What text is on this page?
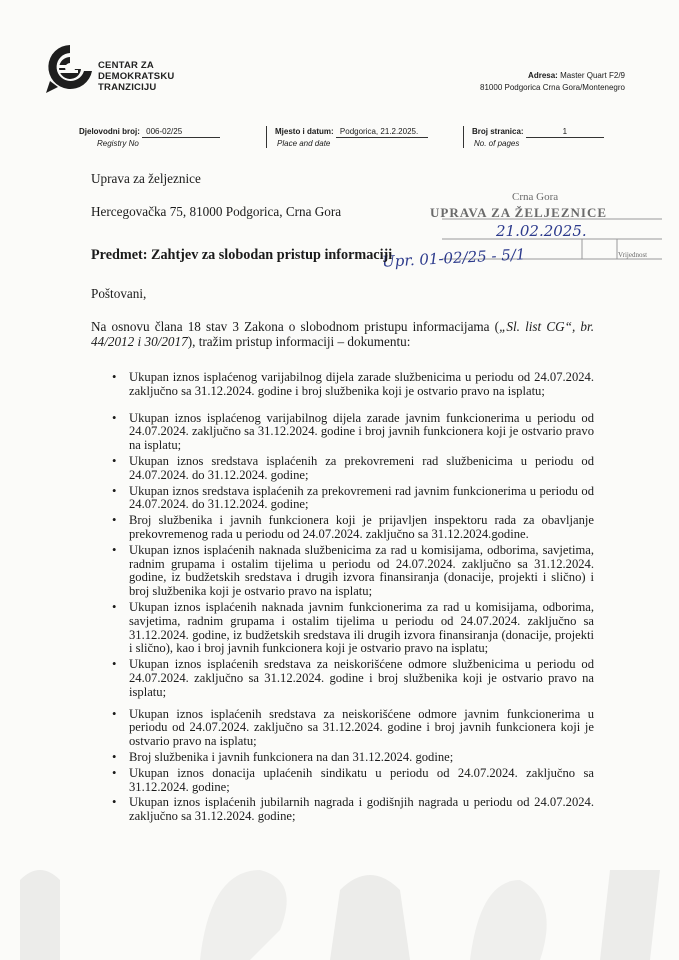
CENTAR ZA
DEMOKRATSKU
TRANZICIJU
Adresa: Master Quart F2/9
81000 Podgorica Crna Gora/Montenegro
Djelovodni broj: 006-02/25
Registry No
Mjesto i datum: Podgorica, 21.2.2025.
Place and date
Broj stranica:	1
No. of pages
Uprava za željeznice
Hercegovačka 75, 81000 Podgorica, Crna Gora
Crna Gora
UPRAVA ZA ŽELJEZNICE
Vrijednost
21.02.2025.
Upr. 01-02/25 - 5/1
Predmet: Zahtjev za slobodan pristup informaciji
Poštovani,
Na osnovu člana 18 stav 3 Zakona o slobodnom pristupu informacijama („Sl. list CG“, br. 44/2012 i 30/2017), tražim pristup informaciji – dokumentu:
• Ukupan iznos isplaćenog varijabilnog dijela zarade službenicima u periodu od 24.07.2024. zaključno sa 31.12.2024. godine i broj službenika koji je ostvario pravo na isplatu;
• Ukupan iznos isplaćenog varijabilnog dijela zarade javnim funkcionerima u periodu od 24.07.2024. zaključno sa 31.12.2024. godine i broj javnih funkcionera koji je ostvario pravo na isplatu;
• Ukupan iznos sredstava isplaćenih za prekovremeni rad službenicima u periodu od 24.07.2024. do 31.12.2024. godine;
• Ukupan iznos sredstava isplaćenih za prekovremeni rad javnim funkcionerima u periodu od 24.07.2024. do 31.12.2024. godine;
• Broj službenika i javnih funkcionera koji je prijavljen inspektoru rada za obavljanje prekovremenog rada u periodu od 24.07.2024. zaključno sa 31.12.2024.godine.
• Ukupan iznos isplaćenih naknada službenicima za rad u komisijama, odborima, savjetima, radnim grupama i ostalim tijelima u periodu od 24.07.2024. zaključno sa 31.12.2024. godine, iz budžetskih sredstava i drugih izvora finansiranja (donacije, projekti i slično) i broj službenika koji je ostvario pravo na isplatu;
• Ukupan iznos isplaćenih naknada javnim funkcionerima za rad u komisijama, odborima, savjetima, radnim grupama i ostalim tijelima u periodu od 24.07.2024. zaključno sa 31.12.2024. godine, iz budžetskih sredstava ili drugih izvora finansiranja (donacije, projekti i slično), kao i broj javnih funkcionera koji je ostvario pravo na isplatu;
• Ukupan iznos isplaćenih sredstava za neiskorišćene odmore službenicima u periodu od 24.07.2024. zaključno sa 31.12.2024. godine i broj službenika koji je ostvario pravo na isplatu;
• Ukupan iznos isplaćenih sredstava za neiskorišćene odmore javnim funkcionerima u periodu od 24.07.2024. zaključno sa 31.12.2024. godine i broj javnih funkcionera koji je ostvario pravo na isplatu;
• Broj službenika i javnih funkcionera na dan 31.12.2024. godine;
• Ukupan iznos donacija uplaćenih sindikatu u periodu od 24.07.2024. zaključno sa 31.12.2024. godine;
• Ukupan iznos isplaćenih jubilarnih nagrada i godišnjih nagrada u periodu od 24.07.2024. zaključno sa 31.12.2024. godine;
